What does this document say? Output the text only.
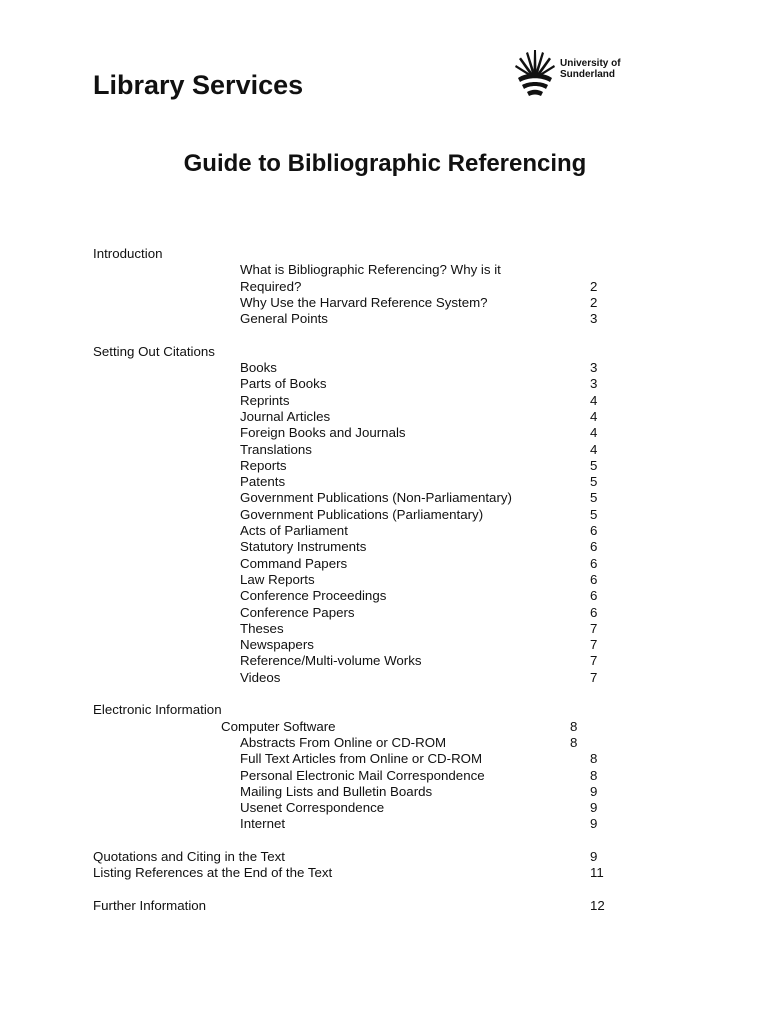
Library Services
University of
Sunderland
Guide to Bibliographic Referencing
Introduction
What is Bibliographic Referencing? Why is it Required?	2
Why Use the Harvard Reference System?	2
General Points	3
Setting Out Citations
Books	3
Parts of Books	3
Reprints	4
Journal Articles	4
Foreign Books and Journals	4
Translations	4
Reports	5
Patents	5
Government Publications (Non-Parliamentary)	5
Government Publications (Parliamentary)	5
Acts of Parliament	6
Statutory Instruments	6
Command Papers	6
Law Reports	6
Conference Proceedings	6
Conference Papers	6
Theses	7
Newspapers	7
Reference/Multi-volume Works	7
Videos	7
Electronic Information
Computer Software	8
Abstracts From Online or CD-ROM	8
Full Text Articles from Online or CD-ROM	8
Personal Electronic Mail Correspondence	8
Mailing Lists and Bulletin Boards	9
Usenet Correspondence	9
Internet	9
Quotations and Citing in the Text	9
Listing References at the End of the Text	11
Further Information	12
